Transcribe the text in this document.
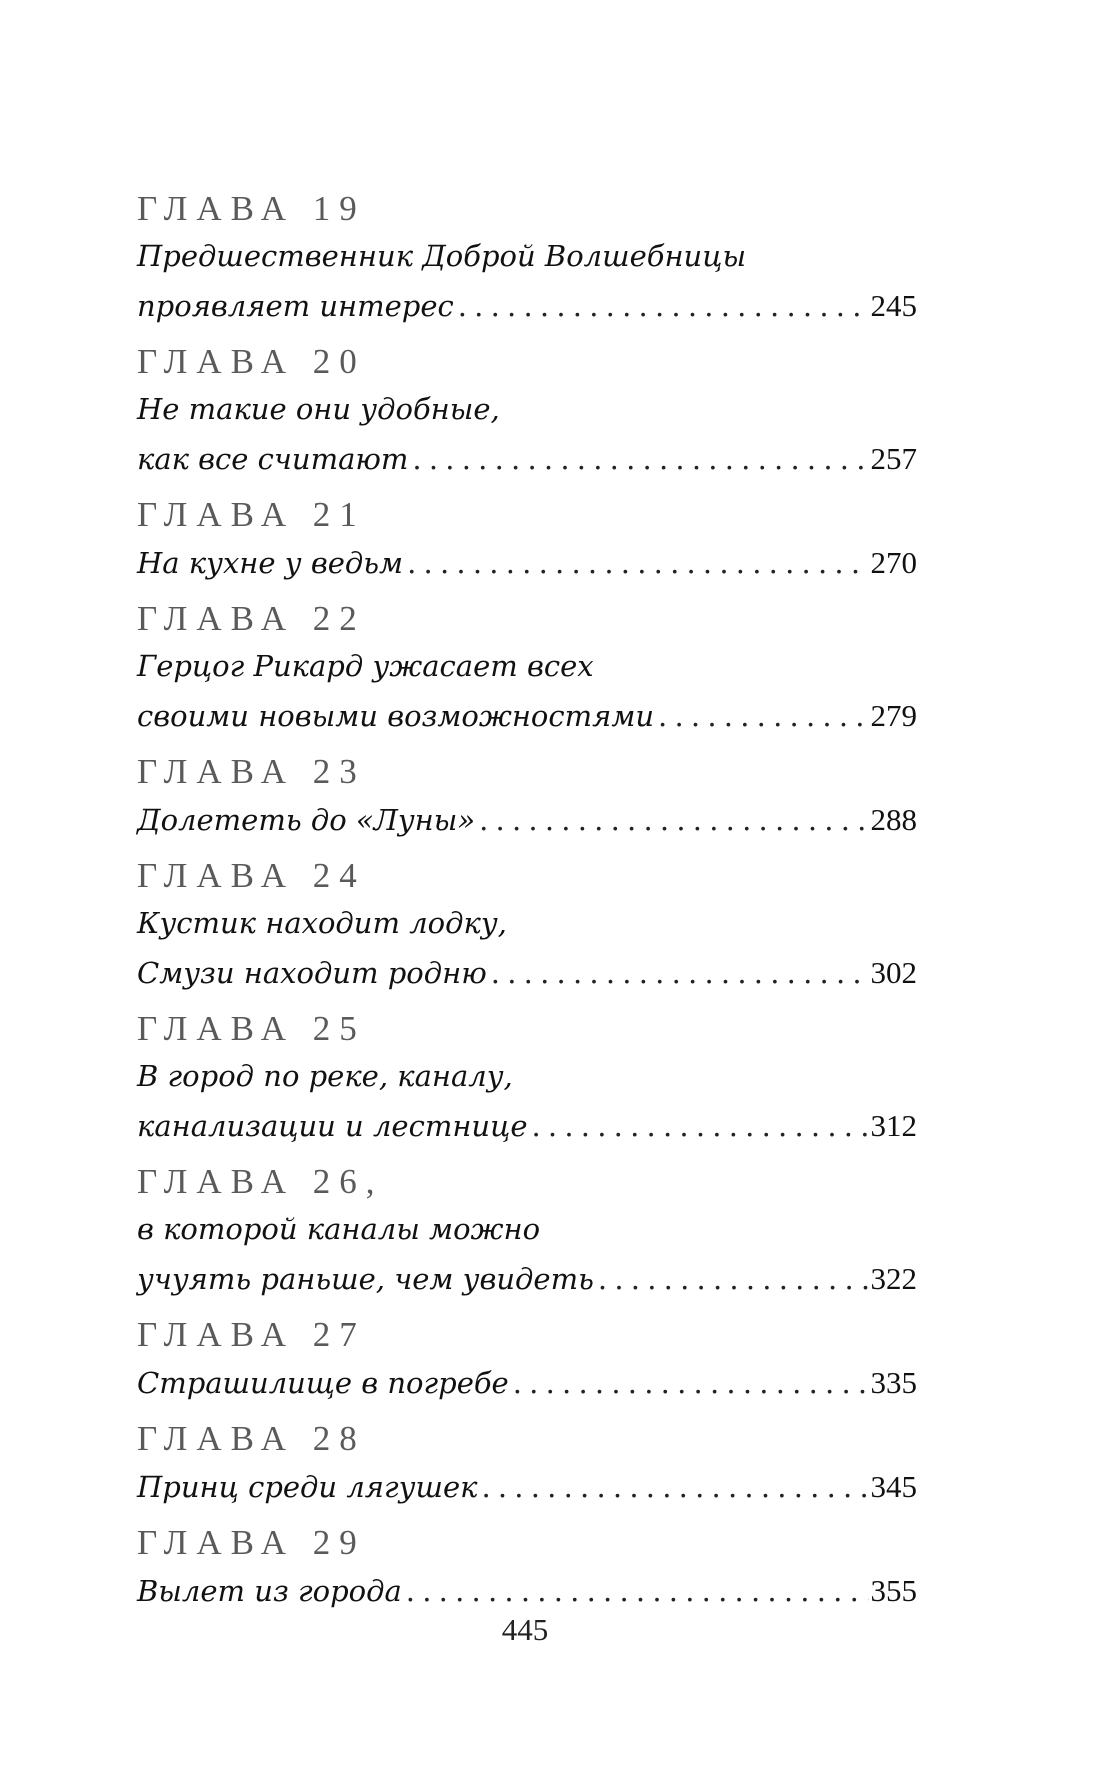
ГЛАВА 19
Предшественник Доброй Волшебницы
проявляет интерес . . .	245
ГЛАВА 20
Не такие они удобные,
как все считают . . .	257
ГЛАВА 21
На кухне у ведьм . . .	270
ГЛАВА 22
Герцог Рикард ужасает всех
своими новыми возможностями . . .	279
ГЛАВА 23
Долететь до «Луны» . . .	288
ГЛАВА 24
Кустик находит лодку,
Смузи находит родню . . .	302
ГЛАВА 25
В город по реке, каналу,
канализации и лестнице . . .	312
ГЛАВА 26,
в которой каналы можно
учуять раньше, чем увидеть . . .	322
ГЛАВА 27
Страшилище в погребе . . .	335
ГЛАВА 28
Принц среди лягушек . . .	345
ГЛАВА 29
Вылет из города . . .	355
445
